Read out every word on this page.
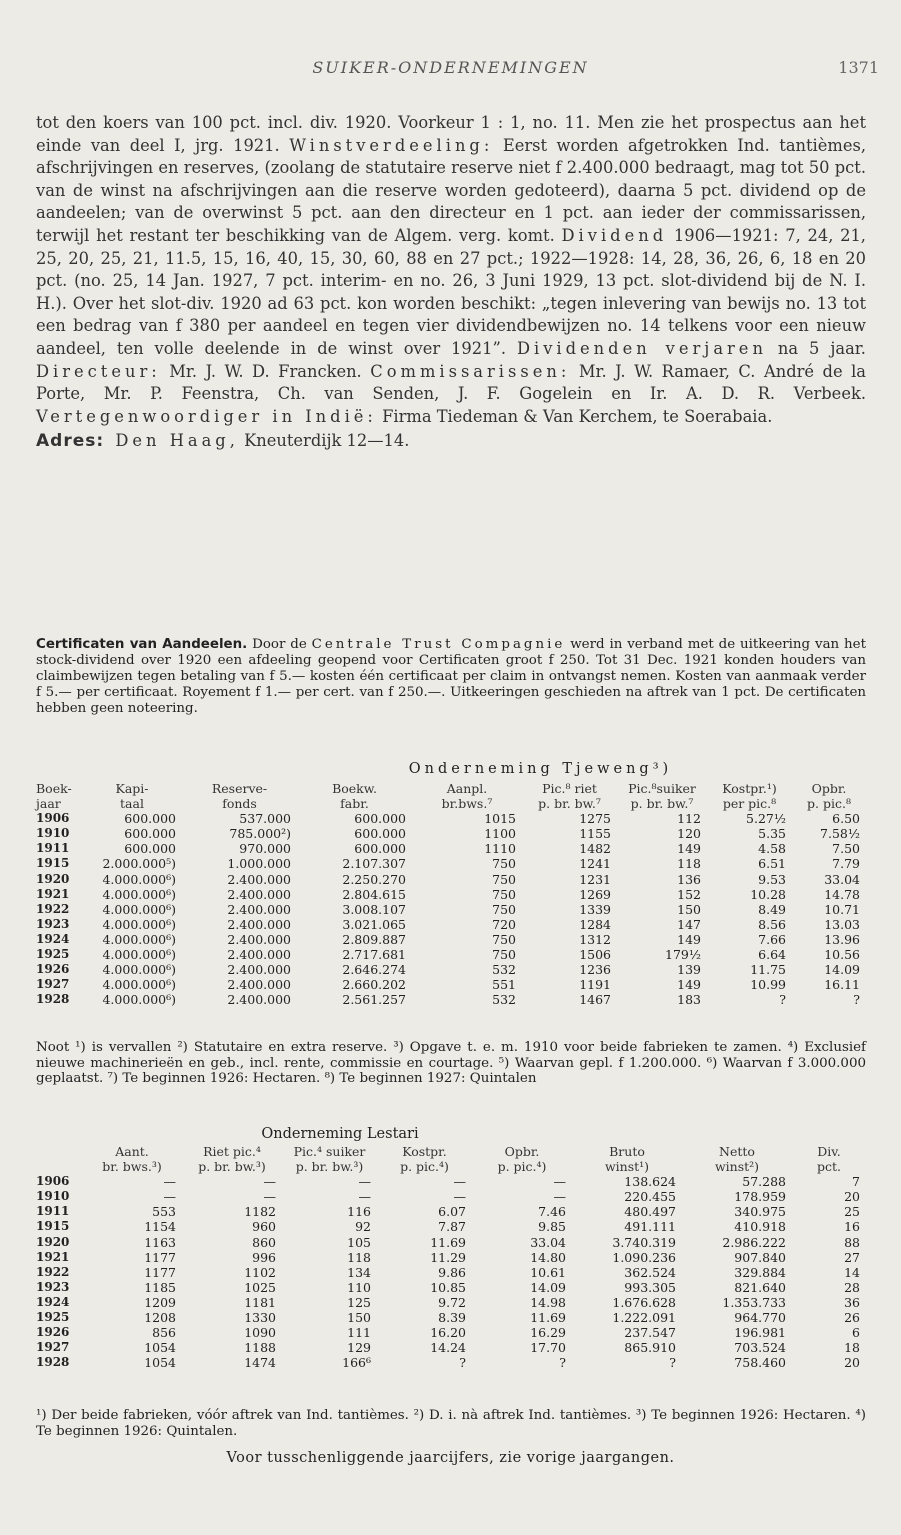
SUIKER-ONDERNEMINGEN	1371

tot den koers van 100 pct. incl. div. 1920. Voorkeur 1 : 1, no. 11. Men zie het prospectus aan het einde van deel I, jrg. 1921. Winstverdeeling: Eerst worden afgetrokken Ind. tantièmes, afschrijvingen en reserves, (zoolang de statutaire reserve niet f 2.400.000 bedraagt, mag tot 50 pct. van de winst na afschrijvingen aan die reserve worden gedoteerd), daarna 5 pct. dividend op de aandeelen; van de overwinst 5 pct. aan den directeur en 1 pct. aan ieder der commissarissen, terwijl het restant ter beschikking van de Algem. verg. komt. Dividend 1906—1921: 7, 24, 21, 25, 20, 25, 21, 11.5, 15, 16, 40, 15, 30, 60, 88 en 27 pct.; 1922—1928: 14, 28, 36, 26, 6, 18 en 20 pct. (no. 25, 14 Jan. 1927, 7 pct. interim- en no. 26, 3 Juni 1929, 13 pct. slot-dividend bij de N. I. H.). Over het slot-div. 1920 ad 63 pct. kon worden beschikt: „tegen inlevering van bewijs no. 13 tot een bedrag van f 380 per aandeel en tegen vier dividendbewijzen no. 14 telkens voor een nieuw aandeel, ten volle deelende in de winst over 1921”. Dividenden verjaren na 5 jaar. Directeur: Mr. J. W. D. Francken. Commissarissen: Mr. J. W. Ramaer, C. André de la Porte, Mr. P. Feenstra, Ch. van Senden, J. F. Gogelein en Ir. A. D. R. Verbeek. Vertegenwoordiger in Indië: Firma Tiedeman & Van Kerchem, te Soerabaia.

Adres: Den Haag, Kneuterdijk 12—14.

Certificaten van Aandeelen. Door de Centrale Trust Compagnie werd in verband met de uitkeering van het stock-dividend over 1920 een afdeeling geopend voor Certificaten groot f 250. Tot 31 Dec. 1921 konden houders van claimbewijzen tegen betaling van f 5.— kosten één certificaat per claim in ontvangst nemen. Kosten van aanmaak verder f 5.— per certificaat. Royement f 1.— per cert. van f 250.—. Uitkeeringen geschieden na aftrek van 1 pct. De certificaten hebben geen noteering.

Onderneming Tjeweng³)
Boek-	Kapi-	Reserve-	Boekw.	Aanpl.	Pic.⁸ riet	Pic.⁸suiker	Kostpr.¹)	Opbr.
jaar	taal	fonds	fabr.	br.bws.⁷	p. br. bw.⁷	p. br. bw.⁷	per pic.⁸	p. pic.⁸
1906	600.000	537.000	600.000	1015	1275	112	5.27½	6.50
1910	600.000	785.000²)	600.000	1100	1155	120	5.35	7.58½
1911	600.000	970.000	600.000	1110	1482	149	4.58	7.50
1915	2.000.000⁵)	1.000.000	2.107.307	750	1241	118	6.51	7.79
1920	4.000.000⁶)	2.400.000	2.250.270	750	1231	136	9.53	33.04
1921	4.000.000⁶)	2.400.000	2.804.615	750	1269	152	10.28	14.78
1922	4.000.000⁶)	2.400.000	3.008.107	750	1339	150	8.49	10.71
1923	4.000.000⁶)	2.400.000	3.021.065	720	1284	147	8.56	13.03
1924	4.000.000⁶)	2.400.000	2.809.887	750	1312	149	7.66	13.96
1925	4.000.000⁶)	2.400.000	2.717.681	750	1506	179½	6.64	10.56
1926	4.000.000⁶)	2.400.000	2.646.274	532	1236	139	11.75	14.09
1927	4.000.000⁶)	2.400.000	2.660.202	551	1191	149	10.99	16.11
1928	4.000.000⁶)	2.400.000	2.561.257	532	1467	183	?	?

Noot ¹) is vervallen ²) Statutaire en extra reserve. ³) Opgave t. e. m. 1910 voor beide fabrieken te zamen. ⁴) Exclusief nieuwe machinerieën en geb., incl. rente, commissie en courtage. ⁵) Waarvan gepl. f 1.200.000. ⁶) Waarvan f 3.000.000 geplaatst. ⁷) Te beginnen 1926: Hectaren. ⁸) Te beginnen 1927: Quintalen

Onderneming Lestari
	Aant.	Riet pic.⁴	Pic.⁴ suiker	Kostpr.	Opbr.	Bruto	Netto	Div.
	br. bws.³)	p. br. bw.³)	p. br. bw.³)	p. pic.⁴)	p. pic.⁴)	winst¹)	winst²)	pct.
1906	—	—	—	—	—	138.624	57.288	7
1910	—	—	—	—	—	220.455	178.959	20
1911	553	1182	116	6.07	7.46	480.497	340.975	25
1915	1154	960	92	7.87	9.85	491.111	410.918	16
1920	1163	860	105	11.69	33.04	3.740.319	2.986.222	88
1921	1177	996	118	11.29	14.80	1.090.236	907.840	27
1922	1177	1102	134	9.86	10.61	362.524	329.884	14
1923	1185	1025	110	10.85	14.09	993.305	821.640	28
1924	1209	1181	125	9.72	14.98	1.676.628	1.353.733	36
1925	1208	1330	150	8.39	11.69	1.222.091	964.770	26
1926	856	1090	111	16.20	16.29	237.547	196.981	6
1927	1054	1188	129	14.24	17.70	865.910	703.524	18
1928	1054	1474	166⁶	?	?	?	758.460	20

¹) Der beide fabrieken, vóór aftrek van Ind. tantièmes. ²) D. i. nà aftrek Ind. tantièmes. ³) Te beginnen 1926: Hectaren. ⁴) Te beginnen 1926: Quintalen.

Voor tusschenliggende jaarcijfers, zie vorige jaargangen.
